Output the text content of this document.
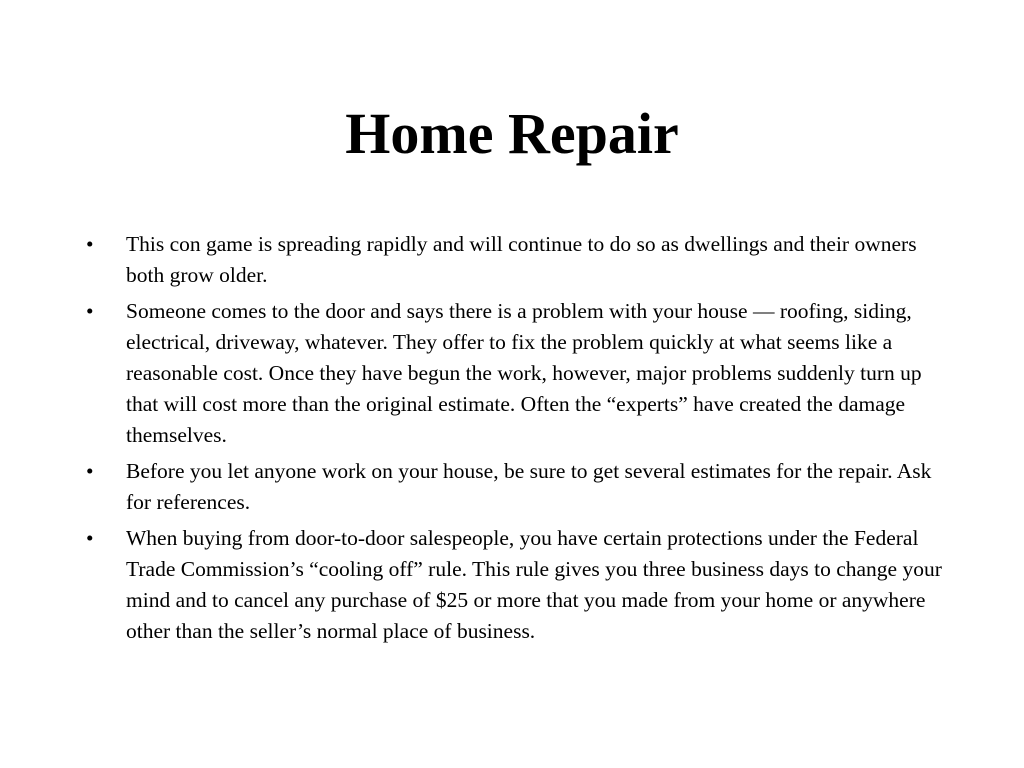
Home Repair
• This con game is spreading rapidly and will continue to do so as dwellings and their owners both grow older.
• Someone comes to the door and says there is a problem with your house — roofing, siding, electrical, driveway, whatever. They offer to fix the problem quickly at what seems like a reasonable cost. Once they have begun the work, however, major problems suddenly turn up that will cost more than the original estimate. Often the “experts” have created the damage themselves.
• Before you let anyone work on your house, be sure to get several estimates for the repair. Ask for references.
• When buying from door-to-door salespeople, you have certain protections under the Federal Trade Commission’s “cooling off” rule. This rule gives you three business days to change your mind and to cancel any purchase of $25 or more that you made from your home or anywhere other than the seller’s normal place of business.
